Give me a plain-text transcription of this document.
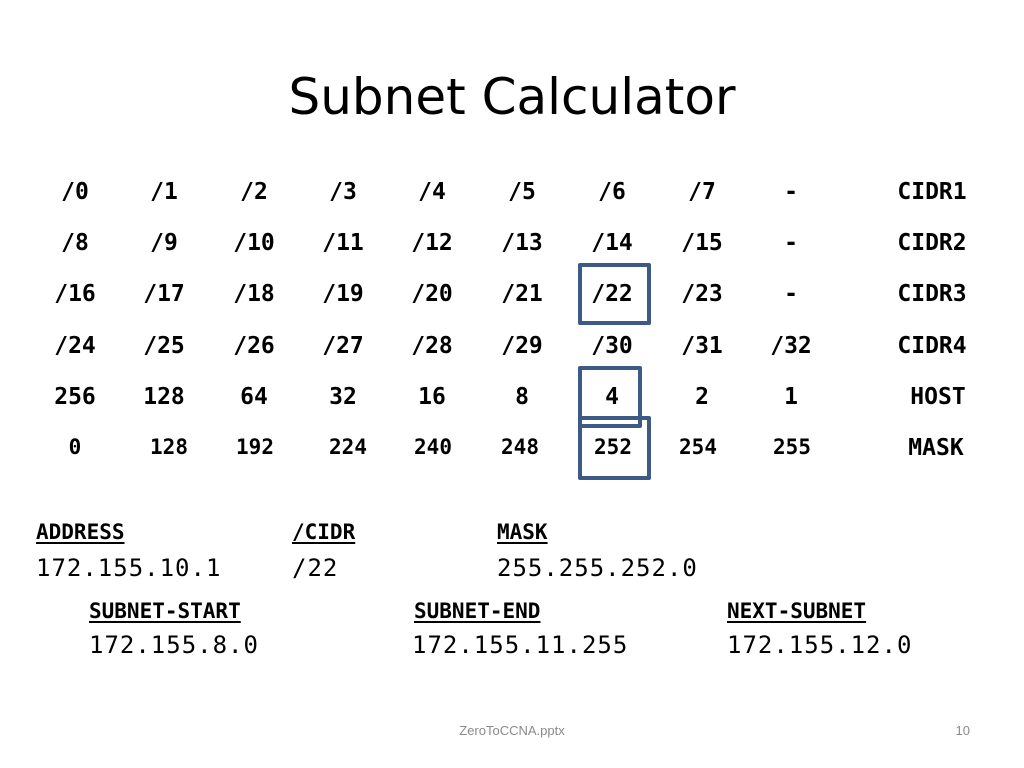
Subnet Calculator
/0	/1	/2	/3	/4	/5	/6	/7	-	CIDR1
/8	/9	/10	/11	/12	/13	/14	/15	-	CIDR2
/16	/17	/18	/19	/20	/21	/22	/23	-	CIDR3
/24	/25	/26	/27	/28	/29	/30	/31	/32	CIDR4
256	128	64	32	16	8	4	2	1	HOST
0	128	192	224	240	248	252	254	255	MASK
ADDRESS
172.155.10.1
/CIDR
/22
MASK
255.255.252.0
SUBNET-START
172.155.8.0
SUBNET-END
172.155.11.255
NEXT-SUBNET
172.155.12.0
ZeroToCCNA.pptx	10
